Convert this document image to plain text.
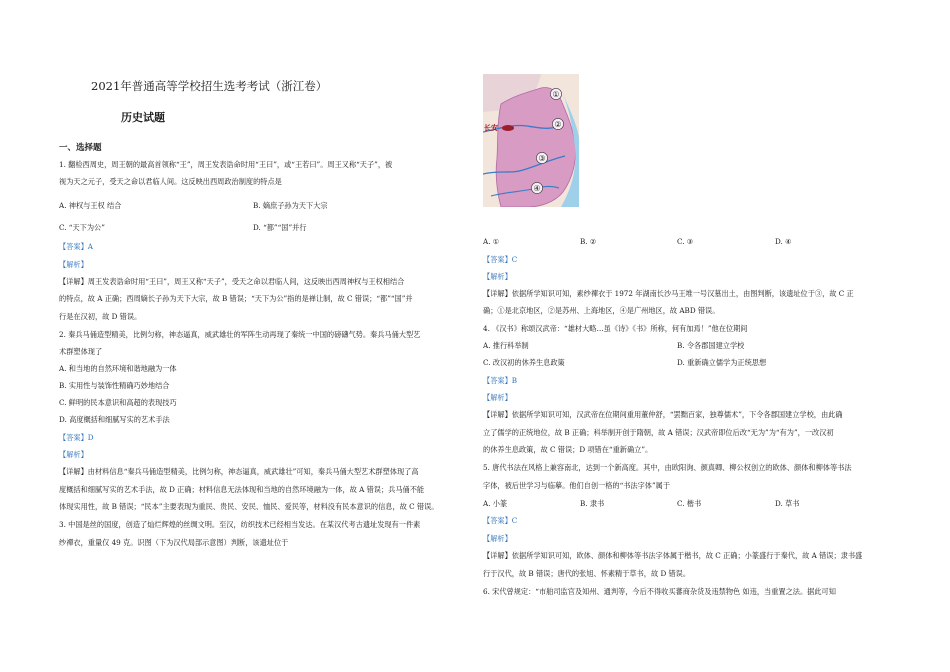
2021年普通高等学校招生选考考试（浙江卷）
历史试题
一、选择题
1. 翻检西周史，周王朝的最高首领称“王”，周王发表诰命时用“王曰”，或“王若曰”。周王又称“天子”，被
视为天之元子，受天之命以君临人间。这反映出西周政治制度的特点是
A. 神权与王权 结合	B. 嫡庶子孙为天下大宗
C. “天下为公”	D. “都”“国”并行
【答案】A
【解析】
【详解】周王发表诰命时用“王曰”，周王又称“天子”，受天之命以君临人间，这反映出西周神权与王权相结合
的特点，故 A 正确；西周嫡长子孙为天下大宗，故 B 错误；“天下为公”指的是禅让制，故 C 错误；“都”“国”并
行是在汉初，故 D 错误。
2. 秦兵马俑造型精美，比例匀称，神态逼真，威武雄壮的军阵生动再现了秦统一中国的磅礴气势。秦兵马俑大型艺
术群塑体现了
A. 和当地的自然环境和谐地融为一体
B. 实用性与装饰性精确巧妙地结合
C. 鲜明的民本意识和高超的表现技巧
D. 高度概括和细腻写实的艺术手法
【答案】D
【解析】
【详解】由材料信息“秦兵马俑造型精美，比例匀称，神态逼真，威武雄壮”可知，秦兵马俑大型艺术群塑体现了高
度概括和细腻写实的艺术手法，故 D 正确；材料信息无法体现和当地的自然环境融为一体，故 A 错误；兵马俑不能
体现实用性，故 B 错误；“民本”主要表现为重民、贵民、安民、恤民、爱民等，材料没有民本意识的信息，故 C 错误。
3. 中国是丝的国度，创造了灿烂辉煌的丝绸文明。至汉，纺织技术已经相当发达。在某汉代考古遗址发现有一件素
纱襌衣，重量仅 49 克。识图（下为汉代局部示意图）判断，该遗址位于
①
②
③
④
长安
A. ①	B. ②	C. ③	D. ④
【答案】C
【解析】
【详解】依据所学知识可知，素纱襌衣于 1972 年湖南长沙马王堆一号汉墓出土，由图判断，该遗址位于③，故 C 正
确；①是北京地区，②是苏州、上海地区，④是广州地区，故 ABD 错误。
4. 《汉书》称颂汉武帝：“雄材大略…虽《诗》《书》所称，何有加焉！”他在位期间
A. 推行科举制	B. 令各郡国建立学校
C. 改汉初的休养生息政策	D. 重新确立儒学为正统思想
【答案】B
【解析】
【详解】依据所学知识可知，汉武帝在位期间重用董仲舒，“罢黜百家，独尊儒术”，下令各郡国建立学校，由此确
立了儒学的正统地位，故 B 正确；科举制开创于隋朝，故 A 错误；汉武帝即位后改“无为”为“有为”，一改汉初
的休养生息政策，故 C 错误；D 项错在“重新确立”。
5. 唐代书法在风格上兼容南北，达到一个新高度。其中，由欧阳询、颜真卿、柳公权创立的欧体、颜体和柳体等书法
字体，被后世学习与临摹。他们自创一格的“书法字体”属于
A. 小篆	B. 隶书	C. 楷书	D. 草书
【答案】C
【解析】
【详解】依据所学知识可知，欧体、颜体和柳体等书法字体属于楷书，故 C 正确；小篆盛行于秦代，故 A 错误；隶书盛
行于汉代，故 B 错误；唐代的张旭、怀素精于草书，故 D 错误。
6. 宋代曾规定：“市舶司监官及知州、通判等，今后不得收买蕃商杂货及违禁物色 如违，当重置之法。据此可知
